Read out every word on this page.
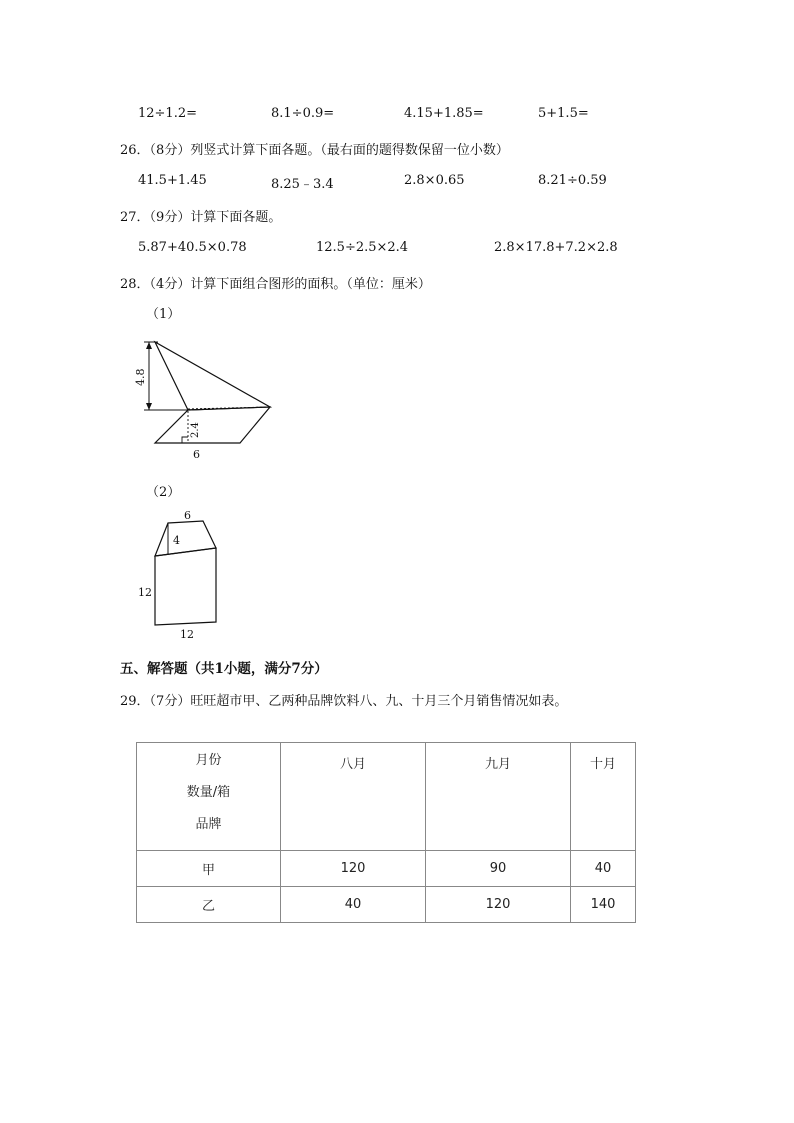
12÷1.2=	8.1÷0.9=	4.15+1.85=	5+1.5=
26．（8分）列竖式计算下面各题。（最右面的题得数保留一位小数）
41.5+1.45	8.25﹣3.4	2.8×0.65	8.21÷0.59
27．（9分）计算下面各题。
5.87+40.5×0.78	12.5÷2.5×2.4	2.8×17.8+7.2×2.8
28．（4分）计算下面组合图形的面积。（单位：厘米）
（1）
4.8
2.4
6
（2）
6
4
12
12
五、解答题（共1小题，满分7分）
29．（7分）旺旺超市甲、乙两种品牌饮料八、九、十月三个月销售情况如表。
月份
数量/箱
品牌	八月	九月	十月
甲	120	90	40
乙	40	120	140
